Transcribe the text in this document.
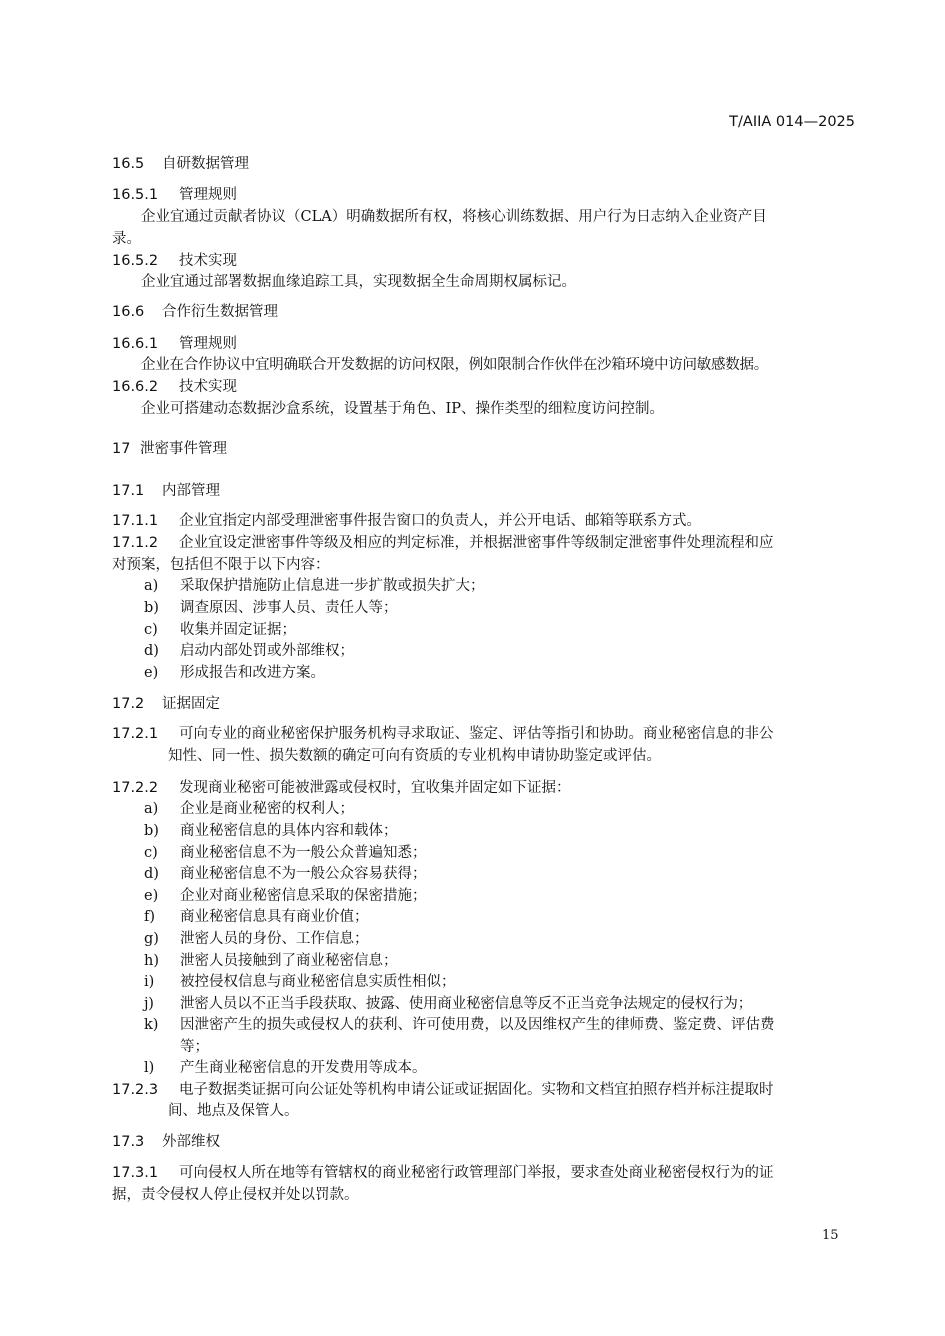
T/AIIA 014—2025
16.5 自研数据管理
16.5.1 管理规则
企业宜通过贡献者协议（CLA）明确数据所有权，将核心训练数据、用户行为日志纳入企业资产目
录。
16.5.2 技术实现
企业宜通过部署数据血缘追踪工具，实现数据全生命周期权属标记。
16.6 合作衍生数据管理
16.6.1 管理规则
企业在合作协议中宜明确联合开发数据的访问权限，例如限制合作伙伴在沙箱环境中访问敏感数据。
16.6.2 技术实现
企业可搭建动态数据沙盒系统，设置基于角色、IP、操作类型的细粒度访问控制。
17 泄密事件管理
17.1 内部管理
17.1.1 企业宜指定内部受理泄密事件报告窗口的负责人，并公开电话、邮箱等联系方式。
17.1.2 企业宜设定泄密事件等级及相应的判定标准，并根据泄密事件等级制定泄密事件处理流程和应
对预案，包括但不限于以下内容：
a) 采取保护措施防止信息进一步扩散或损失扩大；
b) 调查原因、涉事人员、责任人等；
c) 收集并固定证据；
d) 启动内部处罚或外部维权；
e) 形成报告和改进方案。
17.2 证据固定
17.2.1 可向专业的商业秘密保护服务机构寻求取证、鉴定、评估等指引和协助。商业秘密信息的非公
知性、同一性、损失数额的确定可向有资质的专业机构申请协助鉴定或评估。
17.2.2 发现商业秘密可能被泄露或侵权时，宜收集并固定如下证据：
a) 企业是商业秘密的权利人；
b) 商业秘密信息的具体内容和载体；
c) 商业秘密信息不为一般公众普遍知悉；
d) 商业秘密信息不为一般公众容易获得；
e) 企业对商业秘密信息采取的保密措施；
f) 商业秘密信息具有商业价值；
g) 泄密人员的身份、工作信息；
h) 泄密人员接触到了商业秘密信息；
i) 被控侵权信息与商业秘密信息实质性相似；
j) 泄密人员以不正当手段获取、披露、使用商业秘密信息等反不正当竞争法规定的侵权行为；
k) 因泄密产生的损失或侵权人的获利、许可使用费，以及因维权产生的律师费、鉴定费、评估费
等；
l) 产生商业秘密信息的开发费用等成本。
17.2.3 电子数据类证据可向公证处等机构申请公证或证据固化。实物和文档宜拍照存档并标注提取时
间、地点及保管人。
17.3 外部维权
17.3.1 可向侵权人所在地等有管辖权的商业秘密行政管理部门举报，要求查处商业秘密侵权行为的证
据，责令侵权人停止侵权并处以罚款。
15
